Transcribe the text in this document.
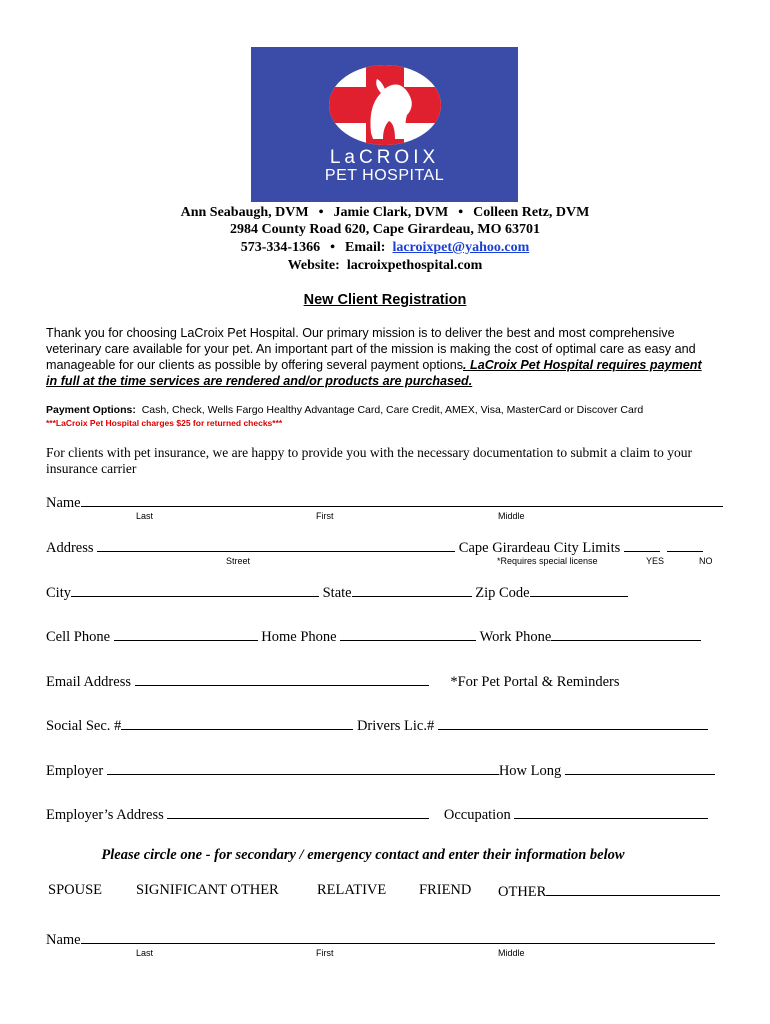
LaCROIX
PET HOSPITAL
Ann Seabaugh, DVM • Jamie Clark, DVM • Colleen Retz, DVM
2984 County Road 620, Cape Girardeau, MO 63701
573-334-1366 • Email: lacroixpet@yahoo.com
Website: lacroixpethospital.com
New Client Registration
Thank you for choosing LaCroix Pet Hospital. Our primary mission is to deliver the best and most comprehensive veterinary care available for your pet. An important part of the mission is making the cost of optimal care as easy and manageable for our clients as possible by offering several payment options. LaCroix Pet Hospital requires payment in full at the time services are rendered and/or products are purchased.
Payment Options: Cash, Check, Wells Fargo Healthy Advantage Card, Care Credit, AMEX, Visa, MasterCard or Discover Card
***LaCroix Pet Hospital charges $25 for returned checks***
For clients with pet insurance, we are happy to provide you with the necessary documentation to submit a claim to your insurance carrier
Name
Last	First	Middle
Address	Cape Girardeau City Limits
Street	*Requires special license	YES	NO
City	State	Zip Code
Cell Phone	Home Phone	Work Phone
Email Address	*For Pet Portal & Reminders
Social Sec. #	Drivers Lic.#
Employer	How Long
Employer’s Address	Occupation
Please circle one - for secondary / emergency contact and enter their information below
SPOUSE SIGNIFICANT OTHER	RELATIVE FRIEND OTHER
Name
Last	First	Middle
